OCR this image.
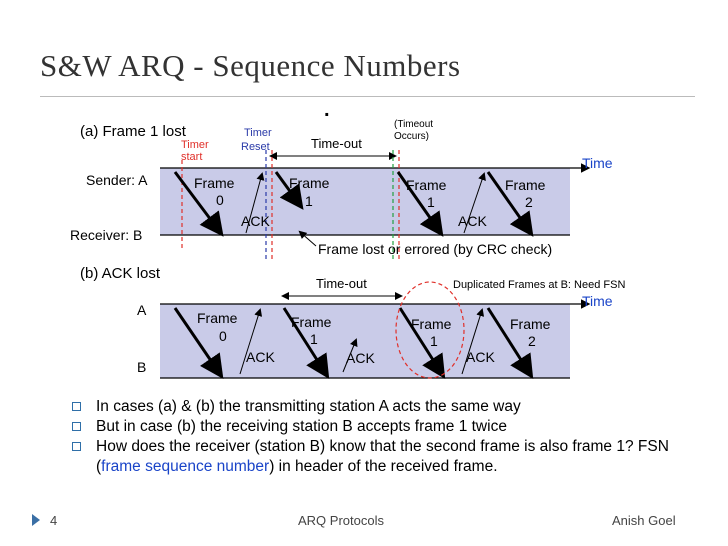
S&W ARQ - Sequence Numbers
(a) Frame 1 lost
.
Timer
start
Timer
Reset	Time-out
(Timeout
Occurs)
Sender: A
Receiver: B
Time
Frame
0
ACK
Frame
1
Frame
1
ACK
Frame
2
Frame lost or errored (by CRC check)
(b) ACK lost
Time-out	Duplicated Frames at B: Need FSN
A
B
Time
Frame
0
ACK
Frame
1
ACK
Frame
1
ACK
Frame
2
In cases (a) & (b) the transmitting station A acts the same way
But in case (b) the receiving station B accepts frame 1 twice
How does the receiver (station B) know that the second frame is also frame 1? FSN (frame sequence number) in header of the received frame.
4	ARQ Protocols	Anish Goel
